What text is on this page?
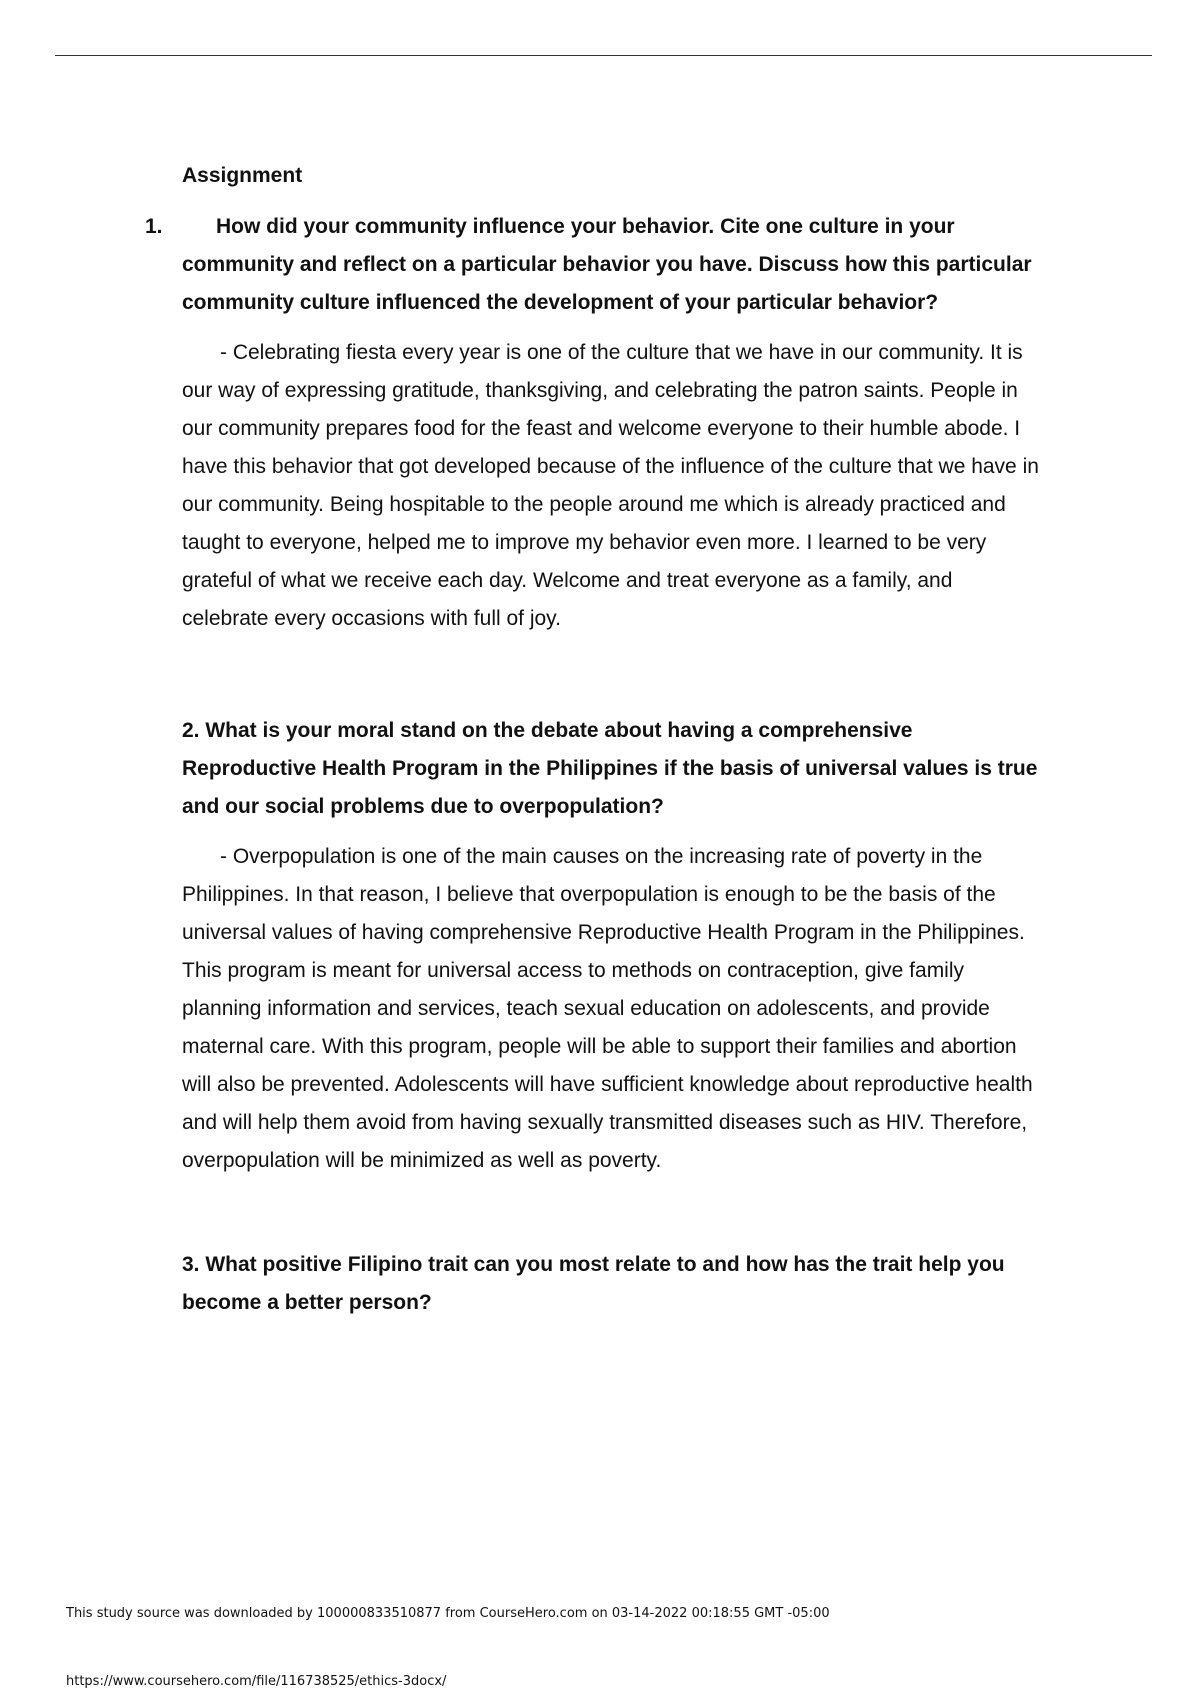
Assignment
1.	How did your community influence your behavior. Cite one culture in your community and reflect on a particular behavior you have. Discuss how this particular community culture influenced the development of your particular behavior?

- Celebrating fiesta every year is one of the culture that we have in our community. It is our way of expressing gratitude, thanksgiving, and celebrating the patron saints. People in our community prepares food for the feast and welcome everyone to their humble abode. I have this behavior that got developed because of the influence of the culture that we have in our community. Being hospitable to the people around me which is already practiced and taught to everyone, helped me to improve my behavior even more. I learned to be very grateful of what we receive each day. Welcome and treat everyone as a family, and celebrate every occasions with full of joy.

2. What is your moral stand on the debate about having a comprehensive Reproductive Health Program in the Philippines if the basis of universal values is true and our social problems due to overpopulation?

- Overpopulation is one of the main causes on the increasing rate of poverty in the Philippines. In that reason, I believe that overpopulation is enough to be the basis of the universal values of having comprehensive Reproductive Health Program in the Philippines. This program is meant for universal access to methods on contraception, give family planning information and services, teach sexual education on adolescents, and provide maternal care. With this program, people will be able to support their families and abortion will also be prevented. Adolescents will have sufficient knowledge about reproductive health and will help them avoid from having sexually transmitted diseases such as HIV. Therefore, overpopulation will be minimized as well as poverty.

3. What positive Filipino trait can you most relate to and how has the trait help you become a better person?

This study source was downloaded by 100000833510877 from CourseHero.com on 03-14-2022 00:18:55 GMT -05:00
https://www.coursehero.com/file/116738525/ethics-3docx/
